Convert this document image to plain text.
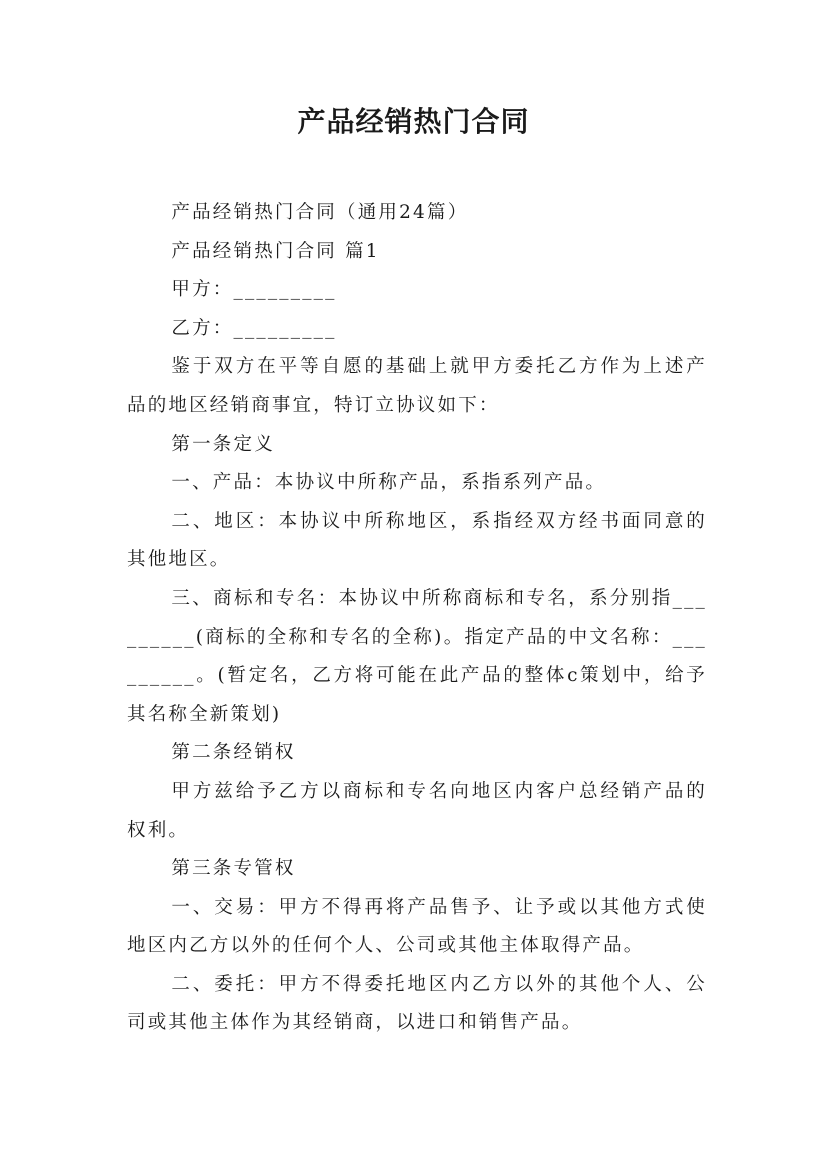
产品经销热门合同

产品经销热门合同（通用24篇）

产品经销热门合同 篇1

甲方：_________

乙方：_________

鉴于双方在平等自愿的基础上就甲方委托乙方作为上述产品的地区经销商事宜，特订立协议如下：

第一条定义

一、产品：本协议中所称产品，系指系列产品。

二、地区：本协议中所称地区，系指经双方经书面同意的其他地区。

三、商标和专名：本协议中所称商标和专名，系分别指_________(商标的全称和专名的全称)。指定产品的中文名称：_________。(暂定名，乙方将可能在此产品的整体c策划中，给予其名称全新策划)

第二条经销权

甲方兹给予乙方以商标和专名向地区内客户总经销产品的权利。

第三条专管权

一、交易：甲方不得再将产品售予、让予或以其他方式使地区内乙方以外的任何个人、公司或其他主体取得产品。

二、委托：甲方不得委托地区内乙方以外的其他个人、公司或其他主体作为其经销商，以进口和销售产品。
